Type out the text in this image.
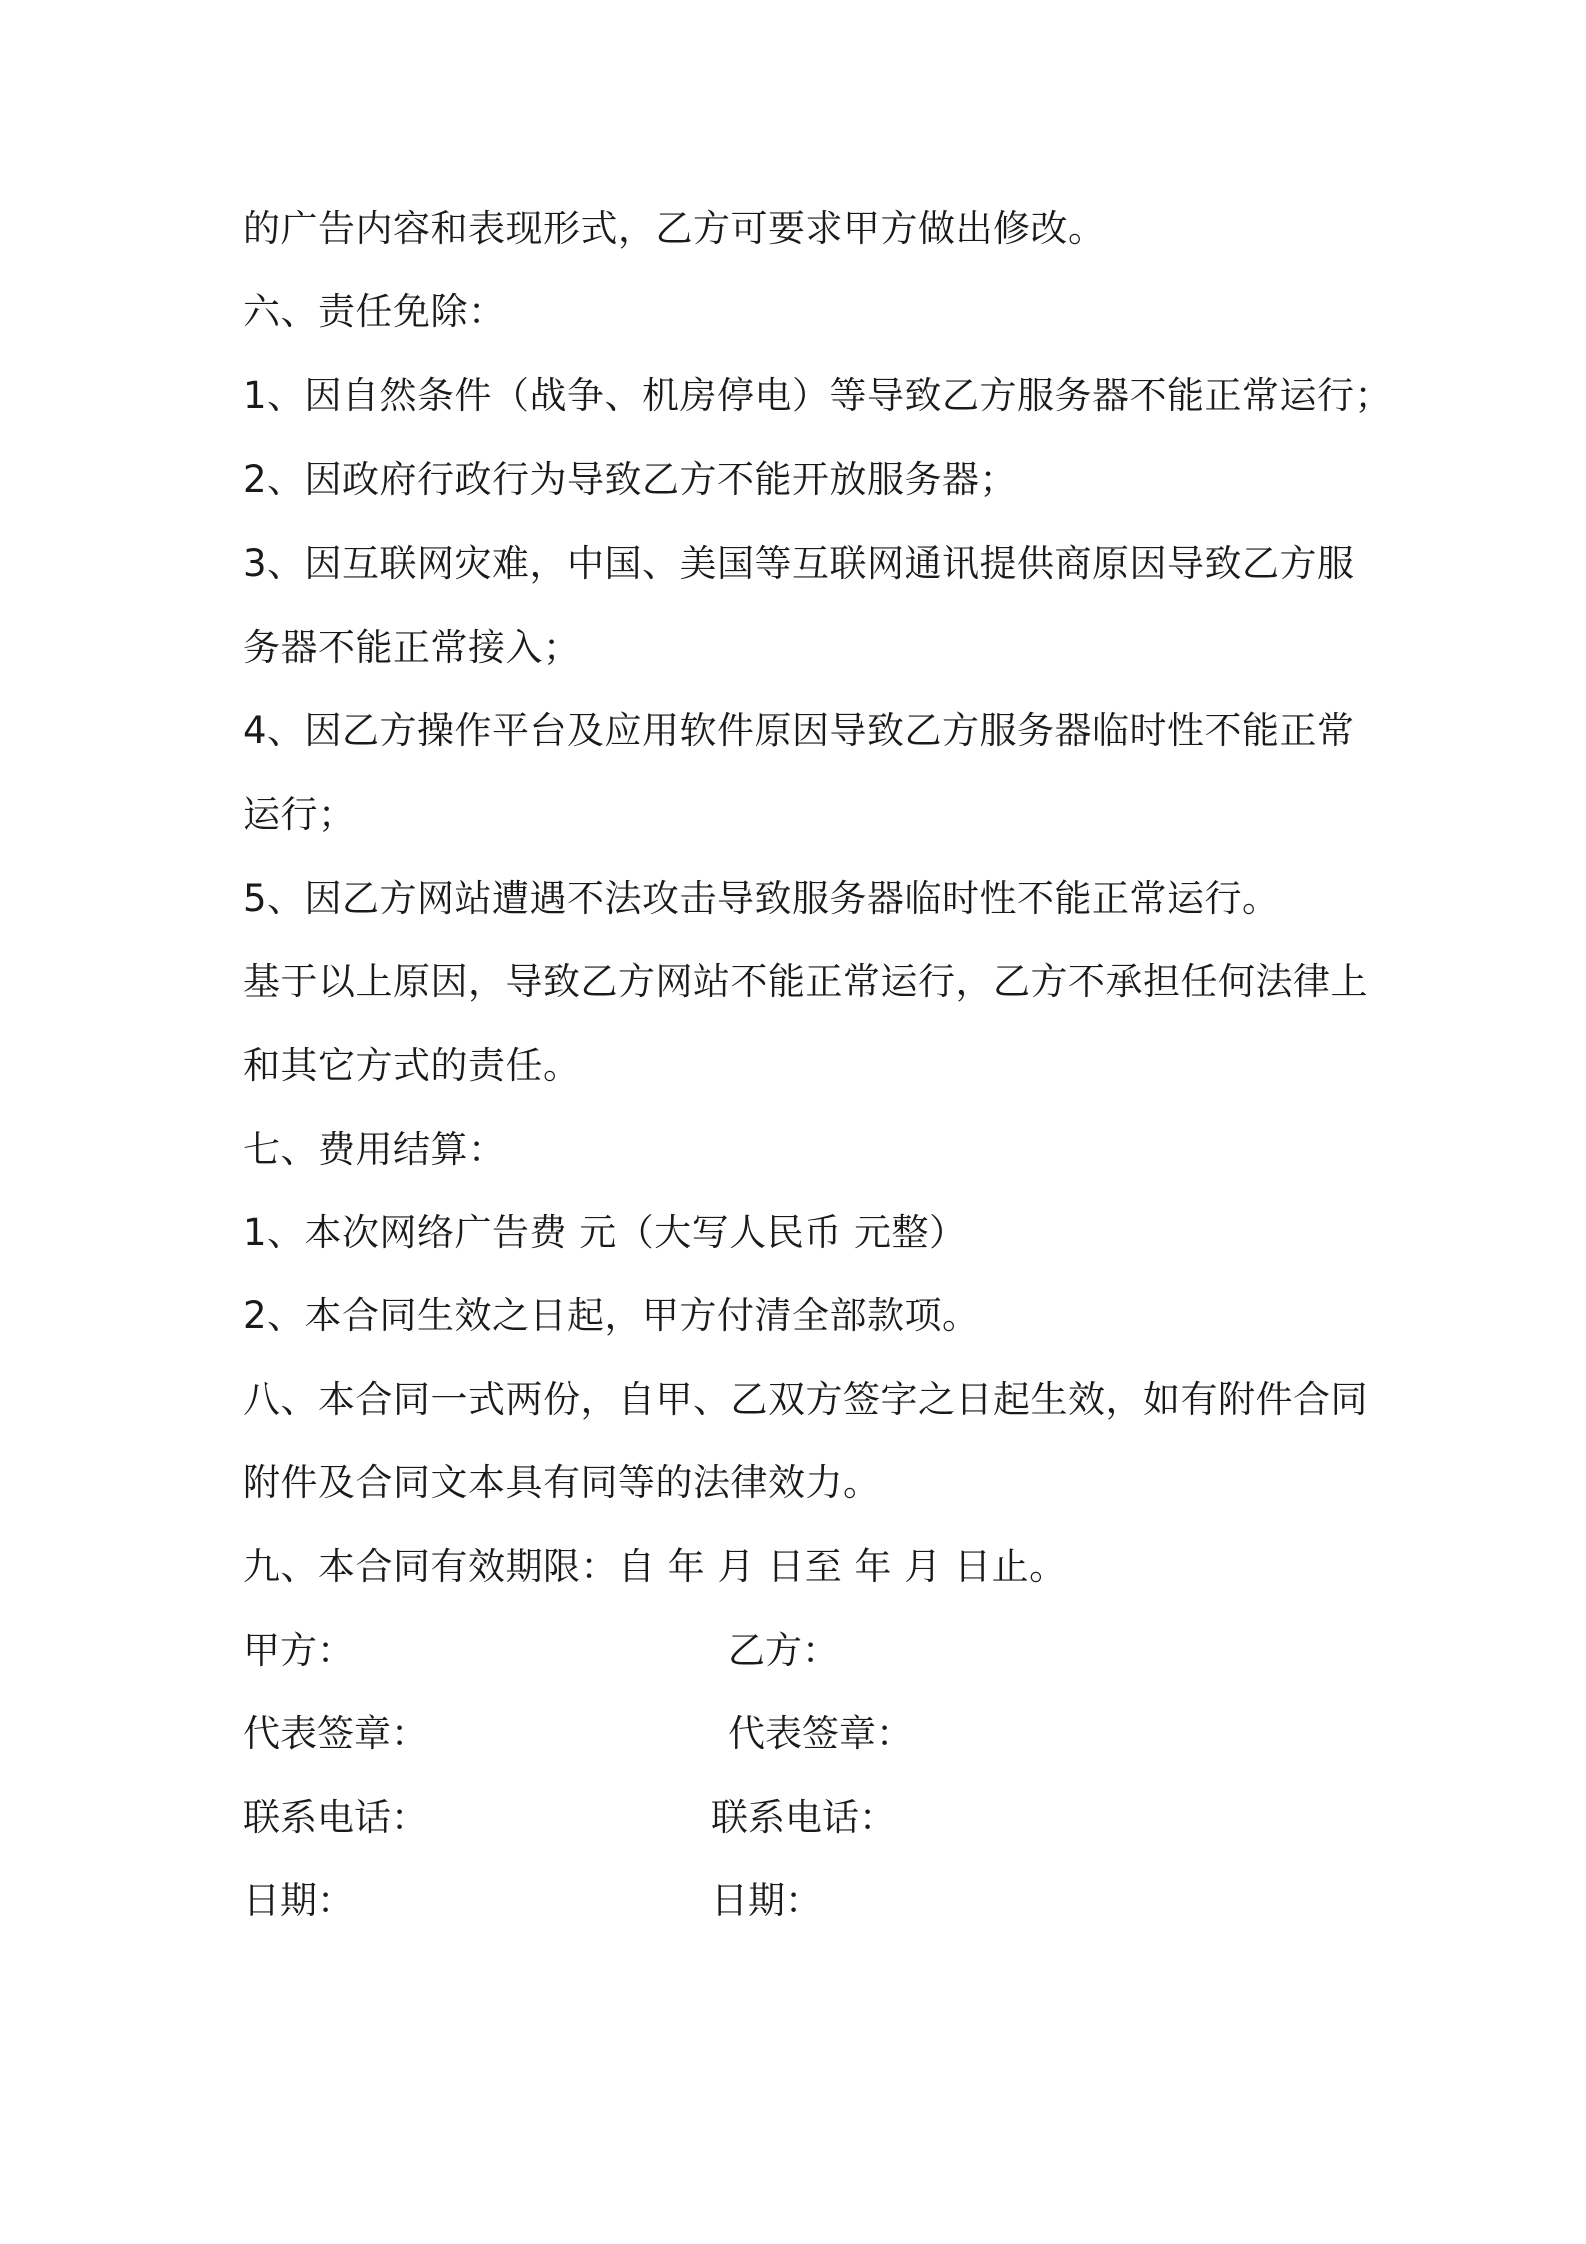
的广告内容和表现形式，乙方可要求甲方做出修改。
六、责任免除：
1、因自然条件（战争、机房停电）等导致乙方服务器不能正常运行；
2、因政府行政行为导致乙方不能开放服务器；
3、因互联网灾难，中国、美国等互联网通讯提供商原因导致乙方服
务器不能正常接入；
4、因乙方操作平台及应用软件原因导致乙方服务器临时性不能正常
运行；
5、因乙方网站遭遇不法攻击导致服务器临时性不能正常运行。
基于以上原因，导致乙方网站不能正常运行，乙方不承担任何法律上
和其它方式的责任。
七、费用结算：
1、本次网络广告费 元（大写人民币 元整）
2、本合同生效之日起，甲方付清全部款项。
八、本合同一式两份，自甲、乙双方签字之日起生效，如有附件合同
附件及合同文本具有同等的法律效力。
九、本合同有效期限：自 年 月 日至 年 月 日止。
甲方：	乙方：
代表签章：	代表签章：
联系电话：	联系电话：
日期：	日期：
